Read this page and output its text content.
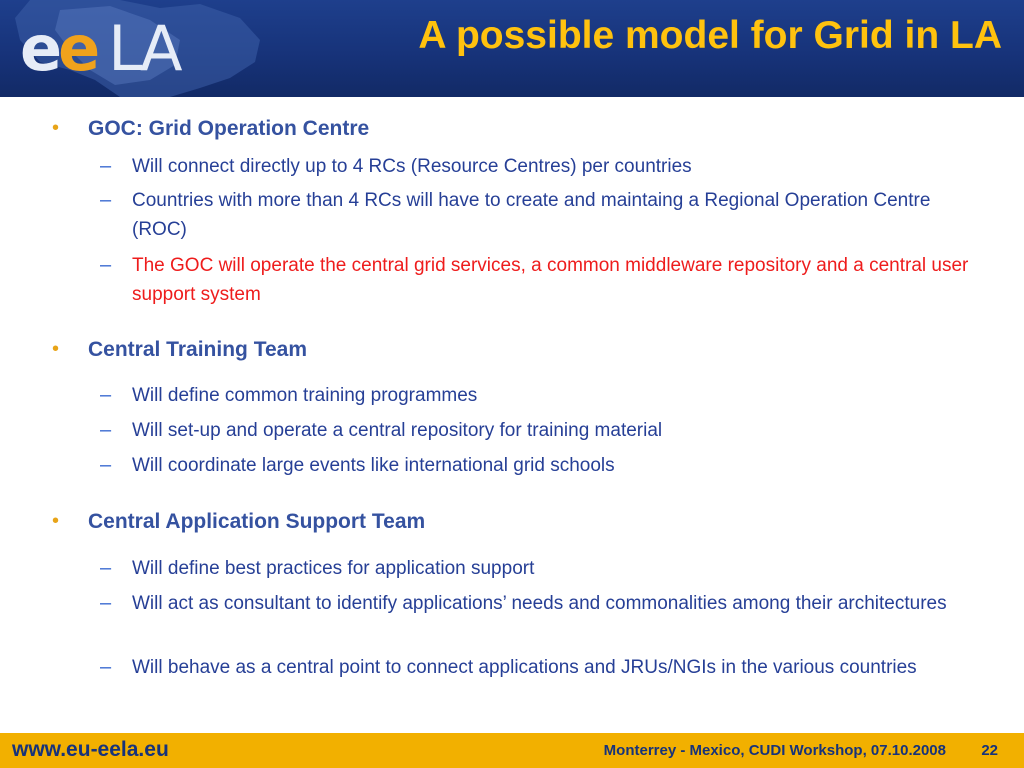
e
e LA	A possible model for Grid in LA
•	GOC: Grid Operation Centre
–	Will connect directly up to 4 RCs (Resource Centres) per countries
–	Countries with more than 4 RCs will have to create and maintaing a Regional Operation Centre (ROC)
–	The GOC will operate the central grid services, a common middleware repository and a central user support system
•	Central Training Team
–	Will define common training programmes
–	Will set-up and operate a central repository for training material
–	Will coordinate large events like international grid schools
•	Central Application Support Team
–	Will define best practices for application support
–	Will act as consultant to identify applications’ needs and commonalities among their architectures
–	Will behave as a central point to connect applications and JRUs/NGIs in the various countries
www.eu-eela.eu	Monterrey - Mexico, CUDI Workshop, 07.10.2008 22
